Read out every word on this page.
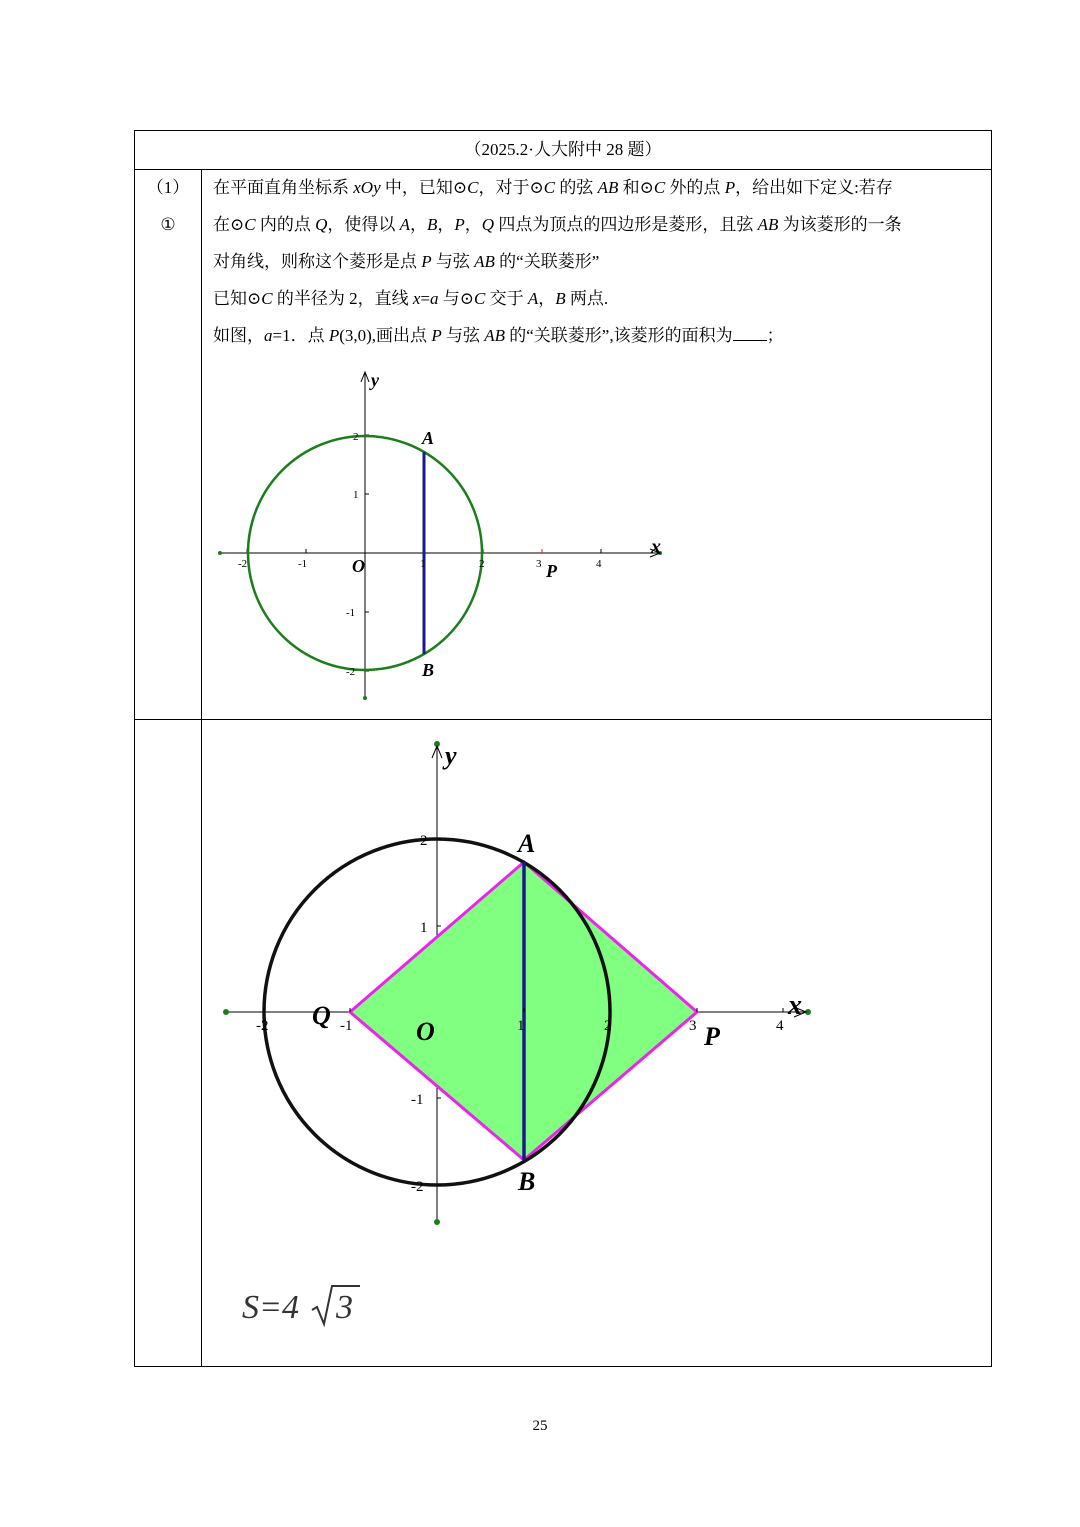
（2025.2·人大附中 28 题）
（1）
①

在平面直角坐标系 xOy 中，已知⊙C，对于⊙C 的弦 AB 和⊙C 外的点 P，给出如下定义:若存

在⊙C 内的点 Q，使得以 A，B，P，Q 四点为顶点的四边形是菱形，且弦 AB 为该菱形的一条

对角线，则称这个菱形是点 P 与弦 AB 的“关联菱形”

已知⊙C 的半径为 2，直线 x=a 与⊙C 交于 A，B 两点.

如图，a=1．点 P(3,0),画出点 P 与弦 AB 的“关联菱形”,该菱形的面积为 ；

y
x
O
A
B
P
-2	-1	1	2	3	4
2
1
-1
-2
y
x
O
A
B
P
Q
-2	-1	1	2	3	4
2
1
-1
-2
S=4 3
25
